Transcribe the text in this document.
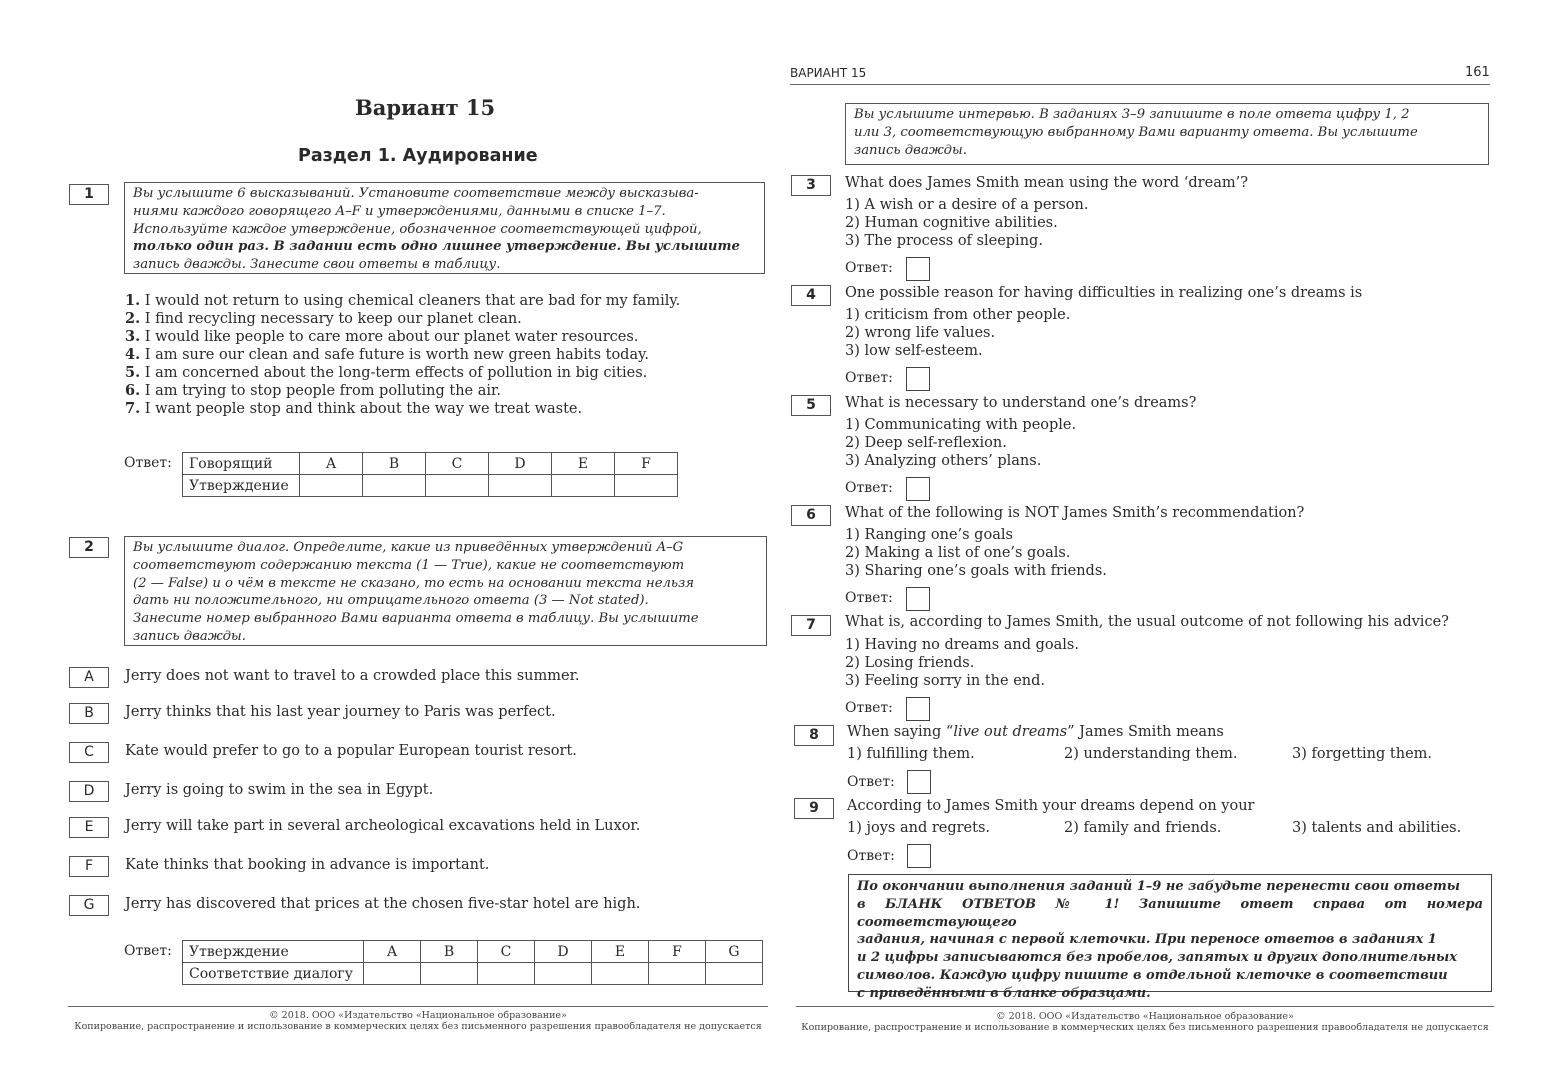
Вариант 15
Раздел 1. Аудирование
1	Вы услышите 6 высказываний. Установите соответствие между высказыва-
ниями каждого говорящего A–F и утверждениями, данными в списке 1–7.
Используйте каждое утверждение, обозначенное соответствующей цифрой,
только один раз. В задании есть одно лишнее утверждение. Вы услышите
запись дважды. Занесите свои ответы в таблицу.
1. I would not return to using chemical cleaners that are bad for my family.
2. I find recycling necessary to keep our planet clean.
3. I would like people to care more about our planet water resources.
4. I am sure our clean and safe future is worth new green habits today.
5. I am concerned about the long-term effects of pollution in big cities.
6. I am trying to stop people from polluting the air.
7. I want people stop and think about the way we treat waste.
Ответ: Говорящий	A	B	C	D	E	F
Утверждение						
2	Вы услышите диалог. Определите, какие из приведённых утверждений A–G
соответствуют содержанию текста (1 — True), какие не соответствуют
(2 — False) и о чём в тексте не сказано, то есть на основании текста нельзя
дать ни положительного, ни отрицательного ответа (3 — Not stated).
Занесите номер выбранного Вами варианта ответа в таблицу. Вы услышите
запись дважды.
A	Jerry does not want to travel to a crowded place this summer.
B	Jerry thinks that his last year journey to Paris was perfect.
C	Kate would prefer to go to a popular European tourist resort.
D	Jerry is going to swim in the sea in Egypt.
E	Jerry will take part in several archeological excavations held in Luxor.
F	Kate thinks that booking in advance is important.
G	Jerry has discovered that prices at the chosen five-star hotel are high.
Ответ: Утверждение	A	B	C	D	E	F	G
Соответствие диалогу							
© 2018. ООО «Издательство «Национальное образование»
Копирование, распространение и использование в коммерческих целях без письменного разрешения правообладателя не допускается
ВАРИАНТ 15	161
Вы услышите интервью. В заданиях 3–9 запишите в поле ответа цифру 1, 2
или 3, соответствующую выбранному Вами варианту ответа. Вы услышите
запись дважды.
3	What does James Smith mean using the word ‘dream’?
1) A wish or a desire of a person.
2) Human cognitive abilities.
3) The process of sleeping.
Ответ:
4	One possible reason for having difficulties in realizing one’s dreams is
1) criticism from other people.
2) wrong life values.
3) low self-esteem.
Ответ:
5	What is necessary to understand one’s dreams?
1) Communicating with people.
2) Deep self-reflexion.
3) Analyzing others’ plans.
Ответ:
6	What of the following is NOT James Smith’s recommendation?
1) Ranging one’s goals
2) Making a list of one’s goals.
3) Sharing one’s goals with friends.
Ответ:
7	What is, according to James Smith, the usual outcome of not following his advice?
1) Having no dreams and goals.
2) Losing friends.
3) Feeling sorry in the end.
Ответ:
8	When saying “live out dreams” James Smith means
1) fulfilling them.	2) understanding them.	3) forgetting them.
Ответ:
9	According to James Smith your dreams depend on your
1) joys and regrets.	2) family and friends.	3) talents and abilities.
Ответ:
По окончании выполнения заданий 1–9 не забудьте перенести свои ответы
в БЛАНК ОТВЕТОВ № 1! Запишите ответ справа от номера соответствующего
задания, начиная с первой клеточки. При переносе ответов в заданиях 1
и 2 цифры записываются без пробелов, запятых и других дополнительных
символов. Каждую цифру пишите в отдельной клеточке в соответствии
с приведёнными в бланке образцами.
© 2018. ООО «Издательство «Национальное образование»
Копирование, распространение и использование в коммерческих целях без письменного разрешения правообладателя не допускается
